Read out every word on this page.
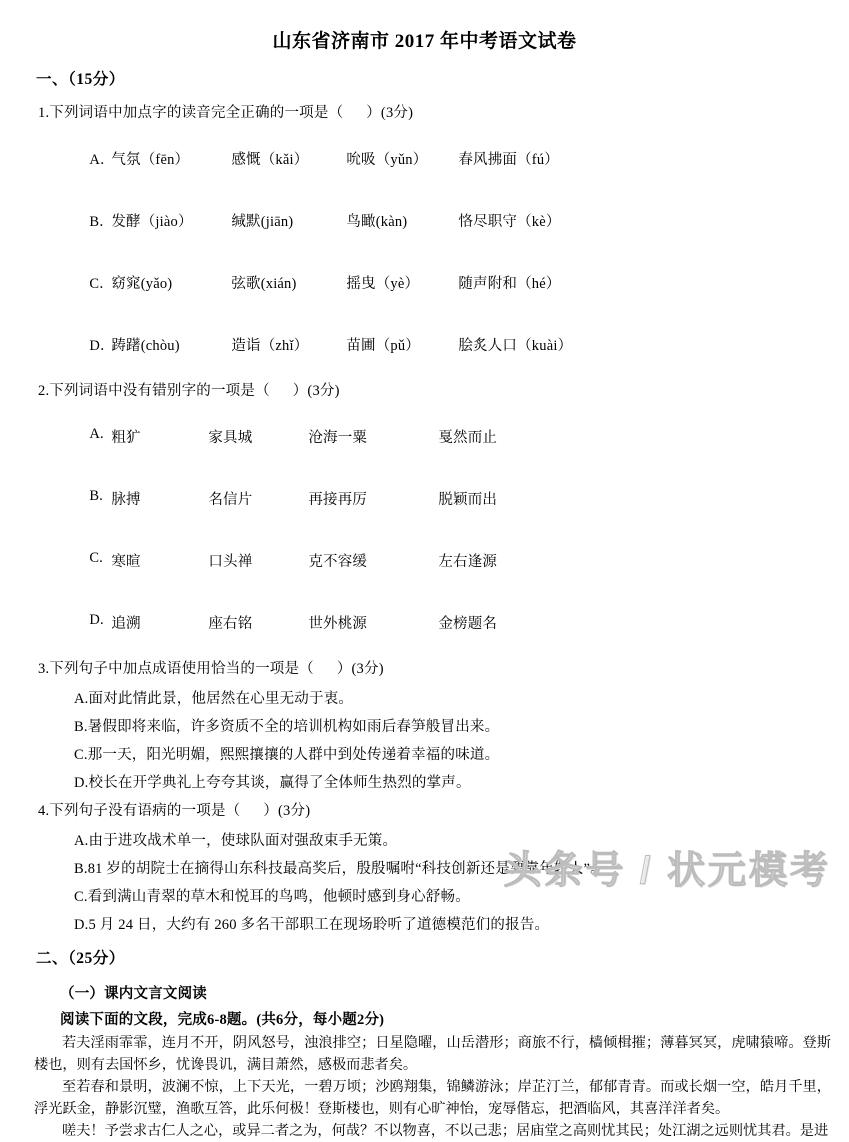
山东省济南市 2017 年中考语文试卷
一、（15分）
1.下列词语中加点字的读音完全正确的一项是（      ）(3分)

A．气氛（fēn）	感慨（kǎi）	吮吸（yǔn） 春风拂面（fú）

B．发酵（jiào）	缄默(jiān)	鸟瞰(kàn)	恪尽职守（kè）

C．窈窕(yǎo)	弦歌(xián)	摇曳（yè）	随声附和（hé）

D．踌躇(chòu)	造诣（zhǐ）	苗圃（pǔ）	脍炙人口（kuài）

2.下列词语中没有错别字的一项是（      ）(3分)

A. 粗犷	家具城	沧海一粟	戛然而止

B. 脉搏	名信片	再接再厉	脱颖而出

C. 寒暄	口头禅	克不容缓	左右逢源

D. 追溯	座右铭	世外桃源	金榜题名

3.下列句子中加点成语使用恰当的一项是（      ）(3分)
A.面对此情此景，他居然在心里无动于衷。
B.暑假即将来临，许多资质不全的培训机构如雨后春笋般冒出来。
C.那一天，阳光明媚，熙熙攘攘的人群中到处传递着幸福的味道。
D.校长在开学典礼上夸夸其谈，赢得了全体师生热烈的掌声。
4.下列句子没有语病的一项是（      ）(3分)
A.由于进攻战术单一，使球队面对强敌束手无策。
B.81 岁的胡院士在摘得山东科技最高奖后，殷殷嘱咐“科技创新还是要靠年轻人”。
C.看到满山青翠的草木和悦耳的鸟鸣，他顿时感到身心舒畅。
D.5 月 24 日，大约有 260 多名干部职工在现场聆听了道德模范们的报告。
二、（25分）
（一）课内文言文阅读
阅读下面的文段，完成6-8题。(共6分，每小题2分)

若夫淫雨霏霏，连月不开，阴风怒号，浊浪排空；日星隐曜，山岳潜形；商旅不行，樯倾楫摧；薄暮冥冥，虎啸猿啼。登斯楼也，则有去国怀乡，忧谗畏讥，满目萧然，感极而悲者矣。

至若春和景明，波澜不惊，上下天光，一碧万顷；沙鸥翔集，锦鳞游泳；岸芷汀兰，郁郁青青。而或长烟一空，皓月千里，浮光跃金，静影沉璧，渔歌互答，此乐何极！登斯楼也，则有心旷神怡，宠辱偕忘，把酒临风，其喜洋洋者矣。

嗟夫！予尝求古仁人之心，或异二者之为，何哉？不以物喜，不以己悲；居庙堂之高则忧其民；处江湖之远则忧其君。是进

头条号 / 状元模考
